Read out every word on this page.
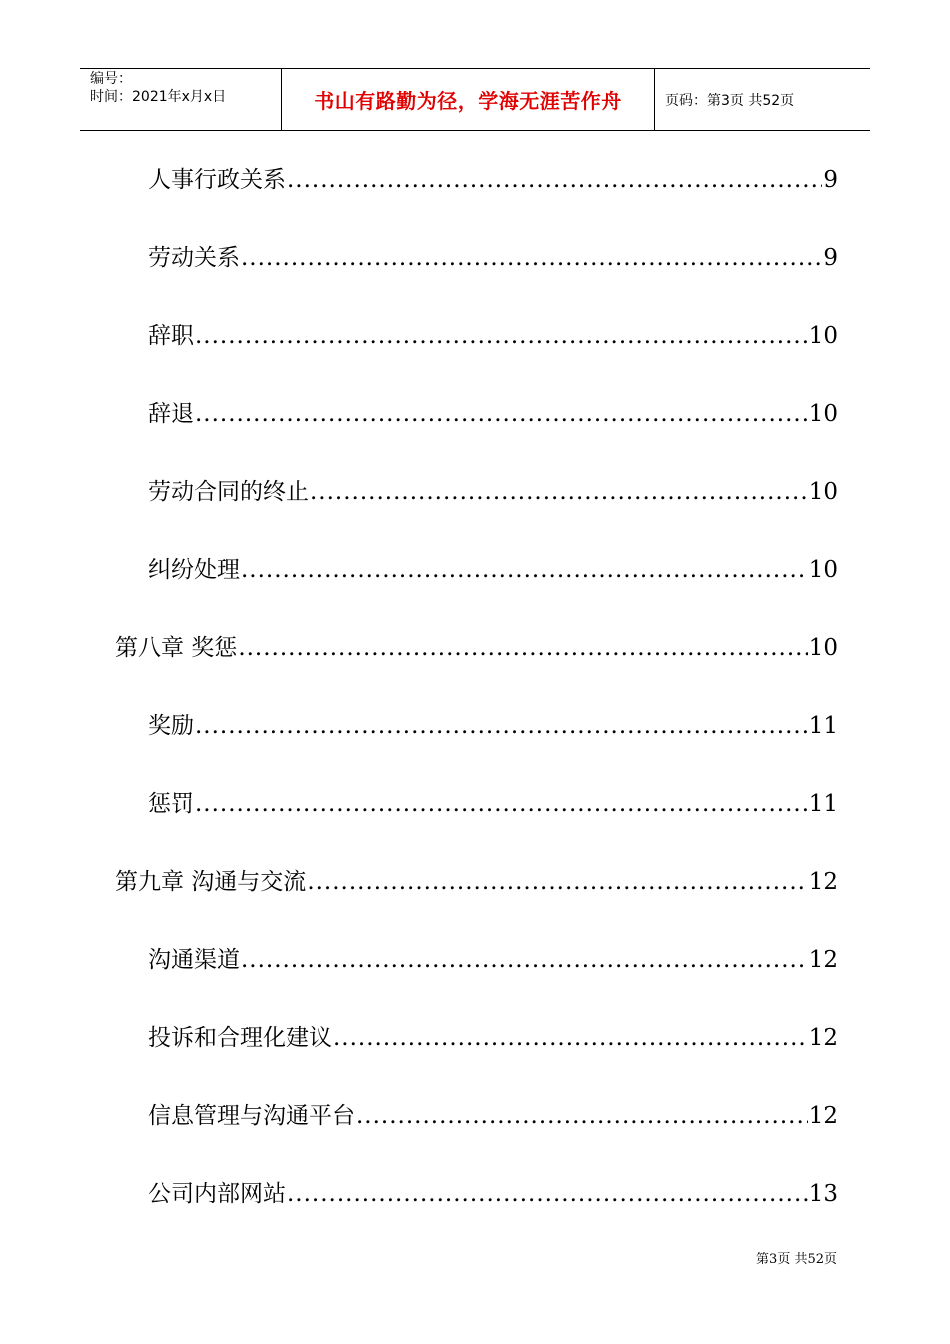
编号：
时间：2021年x月x日	书山有路勤为径，学海无涯苦作舟	页码：第3页 共52页
人事行政关系 .....	9
劳动关系 .....	9
辞职 .....	10
辞退 .....	10
劳动合同的终止 .....	10
纠纷处理 .....	10
第八章 奖惩 .....	10
奖励 .....	11
惩罚 .....	11
第九章 沟通与交流 .....	12
沟通渠道 .....	12
投诉和合理化建议 .....	12
信息管理与沟通平台 .....	12
公司内部网站 .....	13
第3页 共52页
